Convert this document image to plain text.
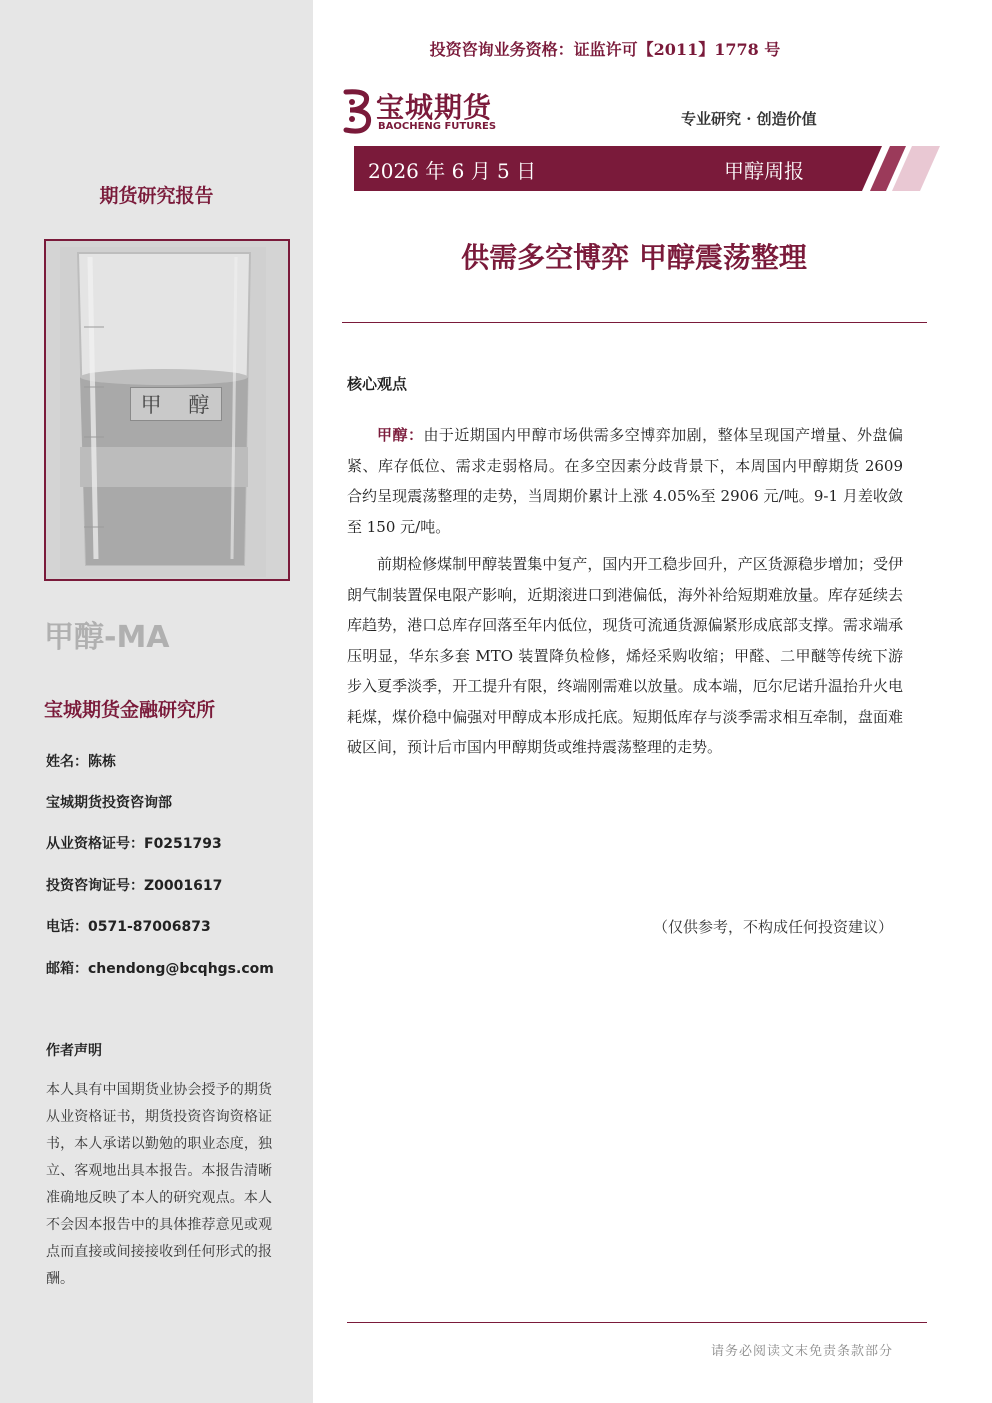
期货研究报告
甲 醇
甲醇-MA
宝城期货金融研究所
姓名：陈栋
宝城期货投资咨询部
从业资格证号：F0251793
投资咨询证号：Z0001617
电话：0571-87006873
邮箱：chendong@bcqhgs.com
作者声明
本人具有中国期货业协会授予的期货从业资格证书，期货投资咨询资格证书，本人承诺以勤勉的职业态度，独立、客观地出具本报告。本报告清晰准确地反映了本人的研究观点。本人不会因本报告中的具体推荐意见或观点而直接或间接接收到任何形式的报酬。
投资咨询业务资格：证监许可【2011】1778 号
宝城期货
BAOCHENG FUTURES	专业研究 · 创造价值
2026 年 6 月 5 日	甲醇周报
供需多空博弈 甲醇震荡整理
核心观点

甲醇：由于近期国内甲醇市场供需多空博弈加剧，整体呈现国产增量、外盘偏紧、库存低位、需求走弱格局。在多空因素分歧背景下，本周国内甲醇期货 2609 合约呈现震荡整理的走势，当周期价累计上涨 4.05%至 2906 元/吨。9-1 月差收敛至 150 元/吨。

前期检修煤制甲醇装置集中复产，国内开工稳步回升，产区货源稳步增加；受伊朗气制装置保电限产影响，近期滚进口到港偏低，海外补给短期难放量。库存延续去库趋势，港口总库存回落至年内低位，现货可流通货源偏紧形成底部支撑。需求端承压明显，华东多套 MTO 装置降负检修，烯烃采购收缩；甲醛、二甲醚等传统下游步入夏季淡季，开工提升有限，终端刚需难以放量。成本端，厄尔尼诺升温抬升火电耗煤，煤价稳中偏强对甲醇成本形成托底。短期低库存与淡季需求相互牵制，盘面难破区间，预计后市国内甲醇期货或维持震荡整理的走势。

（仅供参考，不构成任何投资建议）
请务必阅读文末免责条款部分
